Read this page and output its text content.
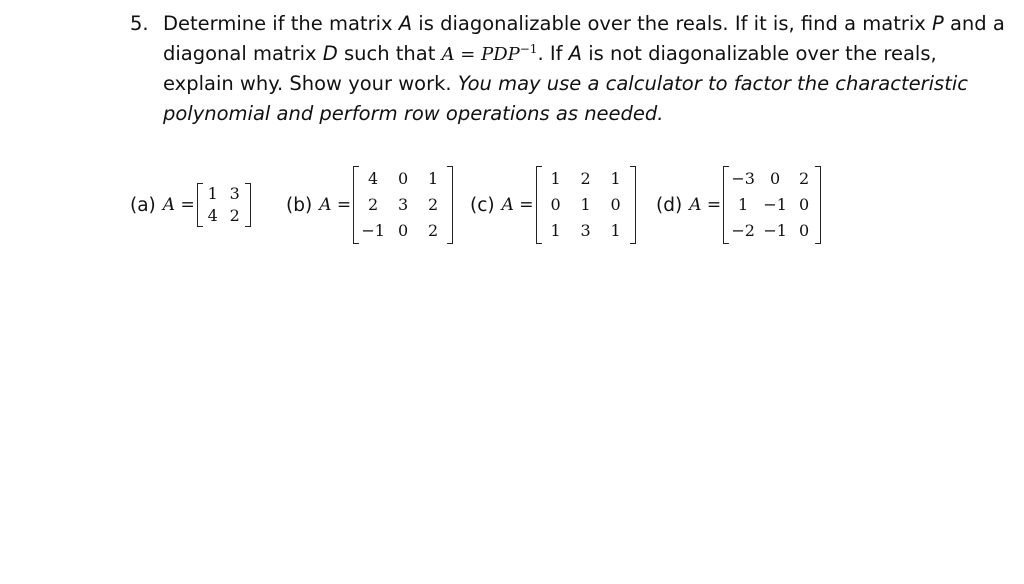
5. Determine if the matrix A is diagonalizable over the reals. If it is, find a matrix P and a diagonal matrix D such that $A = PDP^{-1}$. If A is not diagonalizable over the reals, explain why. Show your work. You may use a calculator to factor the characteristic polynomial and perform row operations as needed.
(a) A =
1 3
4 2	(b) A =
4	0	1
2	3	2
−1 0	2
(c) A =
1	2	1
0	1	0
1	3	1
(d) A =
−3 0	2
1 −1 0
−2 −1 0
